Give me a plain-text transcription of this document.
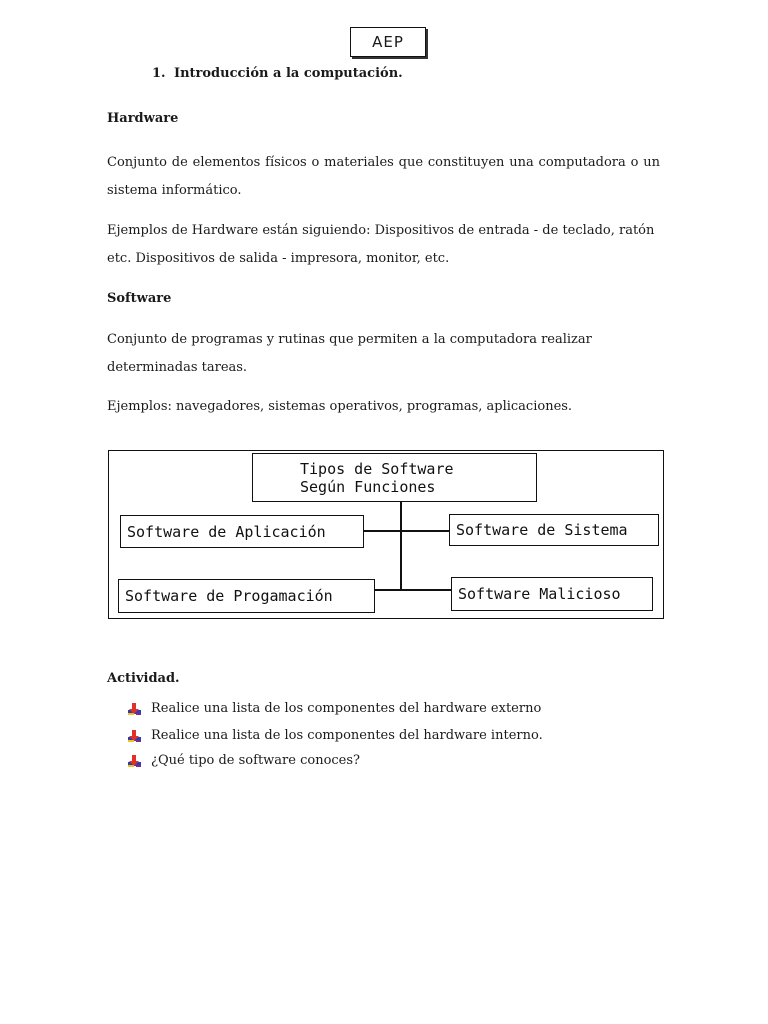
AEP
1. Introducción a la computación.
Hardware
Conjunto de elementos físicos o materiales que constituyen una computadora o un sistema informático.
Ejemplos de Hardware están siguiendo: Dispositivos de entrada - de teclado, ratón etc. Dispositivos de salida - impresora, monitor, etc.
Software
Conjunto de programas y rutinas que permiten a la computadora realizar determinadas tareas.
Ejemplos: navegadores, sistemas operativos, programas, aplicaciones.
Tipos de Software
Según Funciones
Software de Aplicación	Software de Sistema
Software de Progamación	Software Malicioso
Actividad.
Realice una lista de los componentes del hardware externo
Realice una lista de los componentes del hardware interno.
¿Qué tipo de software conoces?
